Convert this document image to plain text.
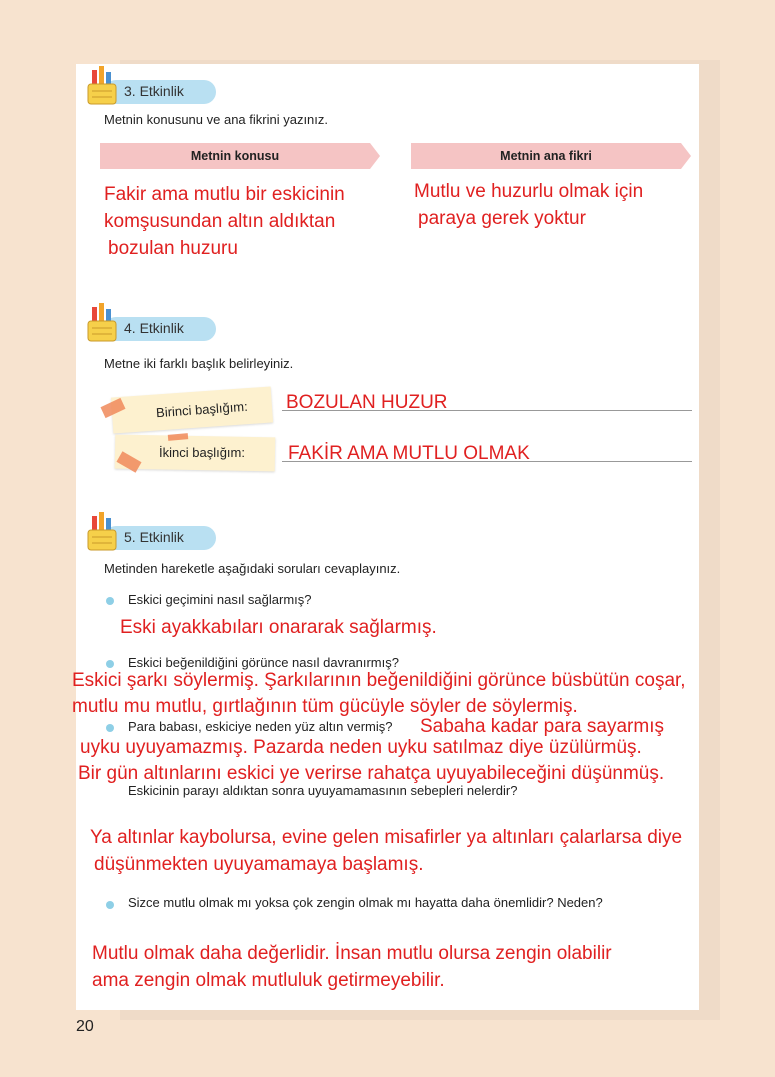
3. Etkinlik
Metnin konusunu ve ana fikrini yazınız.
Metnin konusu	Metnin ana fikri
Fakir ama mutlu bir eskicinin
komşusundan altın aldıktan
bozulan huzuru
Mutlu ve huzurlu olmak için
paraya gerek yoktur
4. Etkinlik
Metne iki farklı başlık belirleyiniz.
Birinci başlığım:
İkinci başlığım:
BOZULAN HUZUR
FAKİR AMA MUTLU OLMAK
5. Etkinlik
Metinden hareketle aşağıdaki soruları cevaplayınız.
Eskici geçimini nasıl sağlarmış?
Eski ayakkabıları onararak sağlarmış.
Eskici beğenildiğini görünce nasıl davranırmış?
Eskici şarkı söylermiş. Şarkılarının beğenildiğini görünce büsbütün coşar,
mutlu mu mutlu, gırtlağının tüm gücüyle söyler de söylermiş.
Para babası, eskiciye neden yüz altın vermiş? Sabaha kadar para sayarmış
uyku uyuyamazmış. Pazarda neden uyku satılmaz diye üzülürmüş.
Bir gün altınlarını eskici ye verirse rahatça uyuyabileceğini düşünmüş.
Eskicinin parayı aldıktan sonra uyuyamamasının sebepleri nelerdir?
Ya altınlar kaybolursa, evine gelen misafirler ya altınları çalarlarsa diye
düşünmekten uyuyamamaya başlamış.
Sizce mutlu olmak mı yoksa çok zengin olmak mı hayatta daha önemlidir? Neden?
Mutlu olmak daha değerlidir. İnsan mutlu olursa zengin olabilir
ama zengin olmak mutluluk getirmeyebilir.
20
